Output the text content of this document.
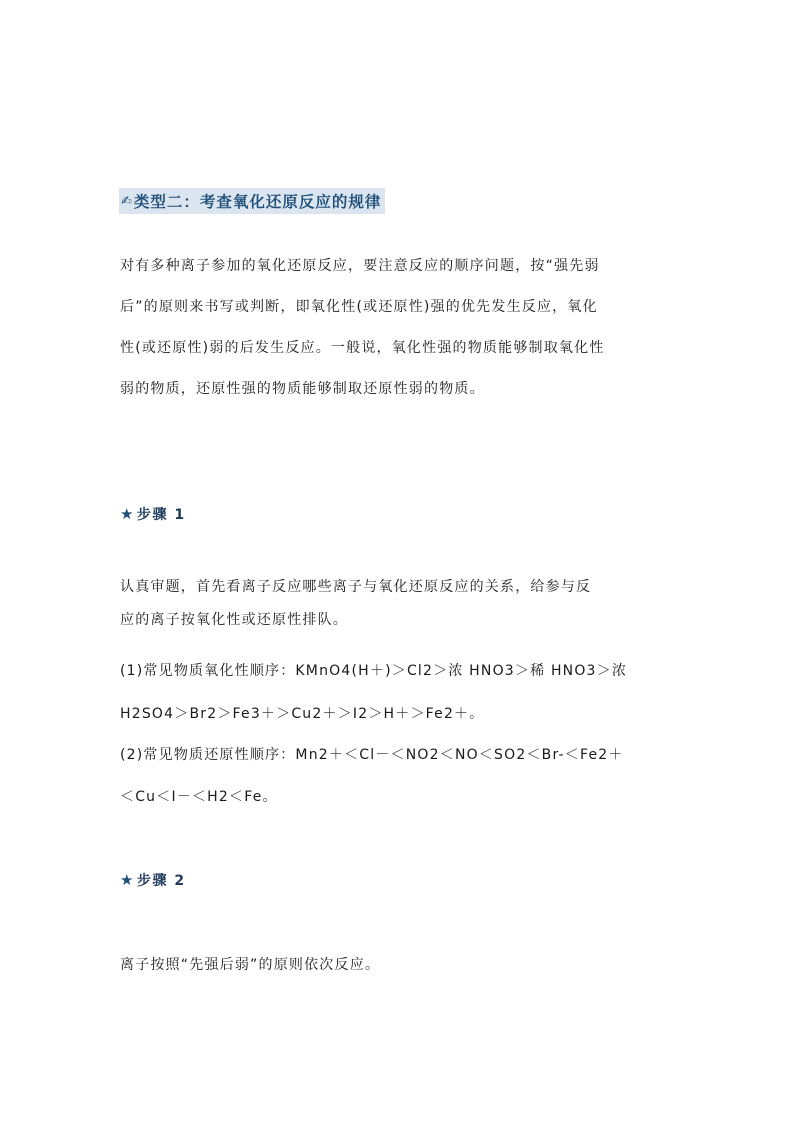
✍ 类型二：考查氧化还原反应的规律
对有多种离子参加的氧化还原反应，要注意反应的顺序问题，按“强先弱
后”的原则来书写或判断，即氧化性(或还原性)强的优先发生反应，氧化
性(或还原性)弱的后发生反应。一般说，氧化性强的物质能够制取氧化性
弱的物质，还原性强的物质能够制取还原性弱的物质。
★ 步骤 1
认真审题，首先看离子反应哪些离子与氧化还原反应的关系，给参与反
应的离子按氧化性或还原性排队。
(1)常见物质氧化性顺序：KMnO4(H＋)＞Cl2＞浓 HNO3＞稀 HNO3＞浓
H2SO4＞Br2＞Fe3＋＞Cu2＋＞I2＞H＋＞Fe2＋。
(2)常见物质还原性顺序：Mn2＋＜Cl－＜NO2＜NO＜SO2＜Br-＜Fe2＋
＜Cu＜I－＜H2＜Fe。
★ 步骤 2
离子按照“先强后弱”的原则依次反应。
